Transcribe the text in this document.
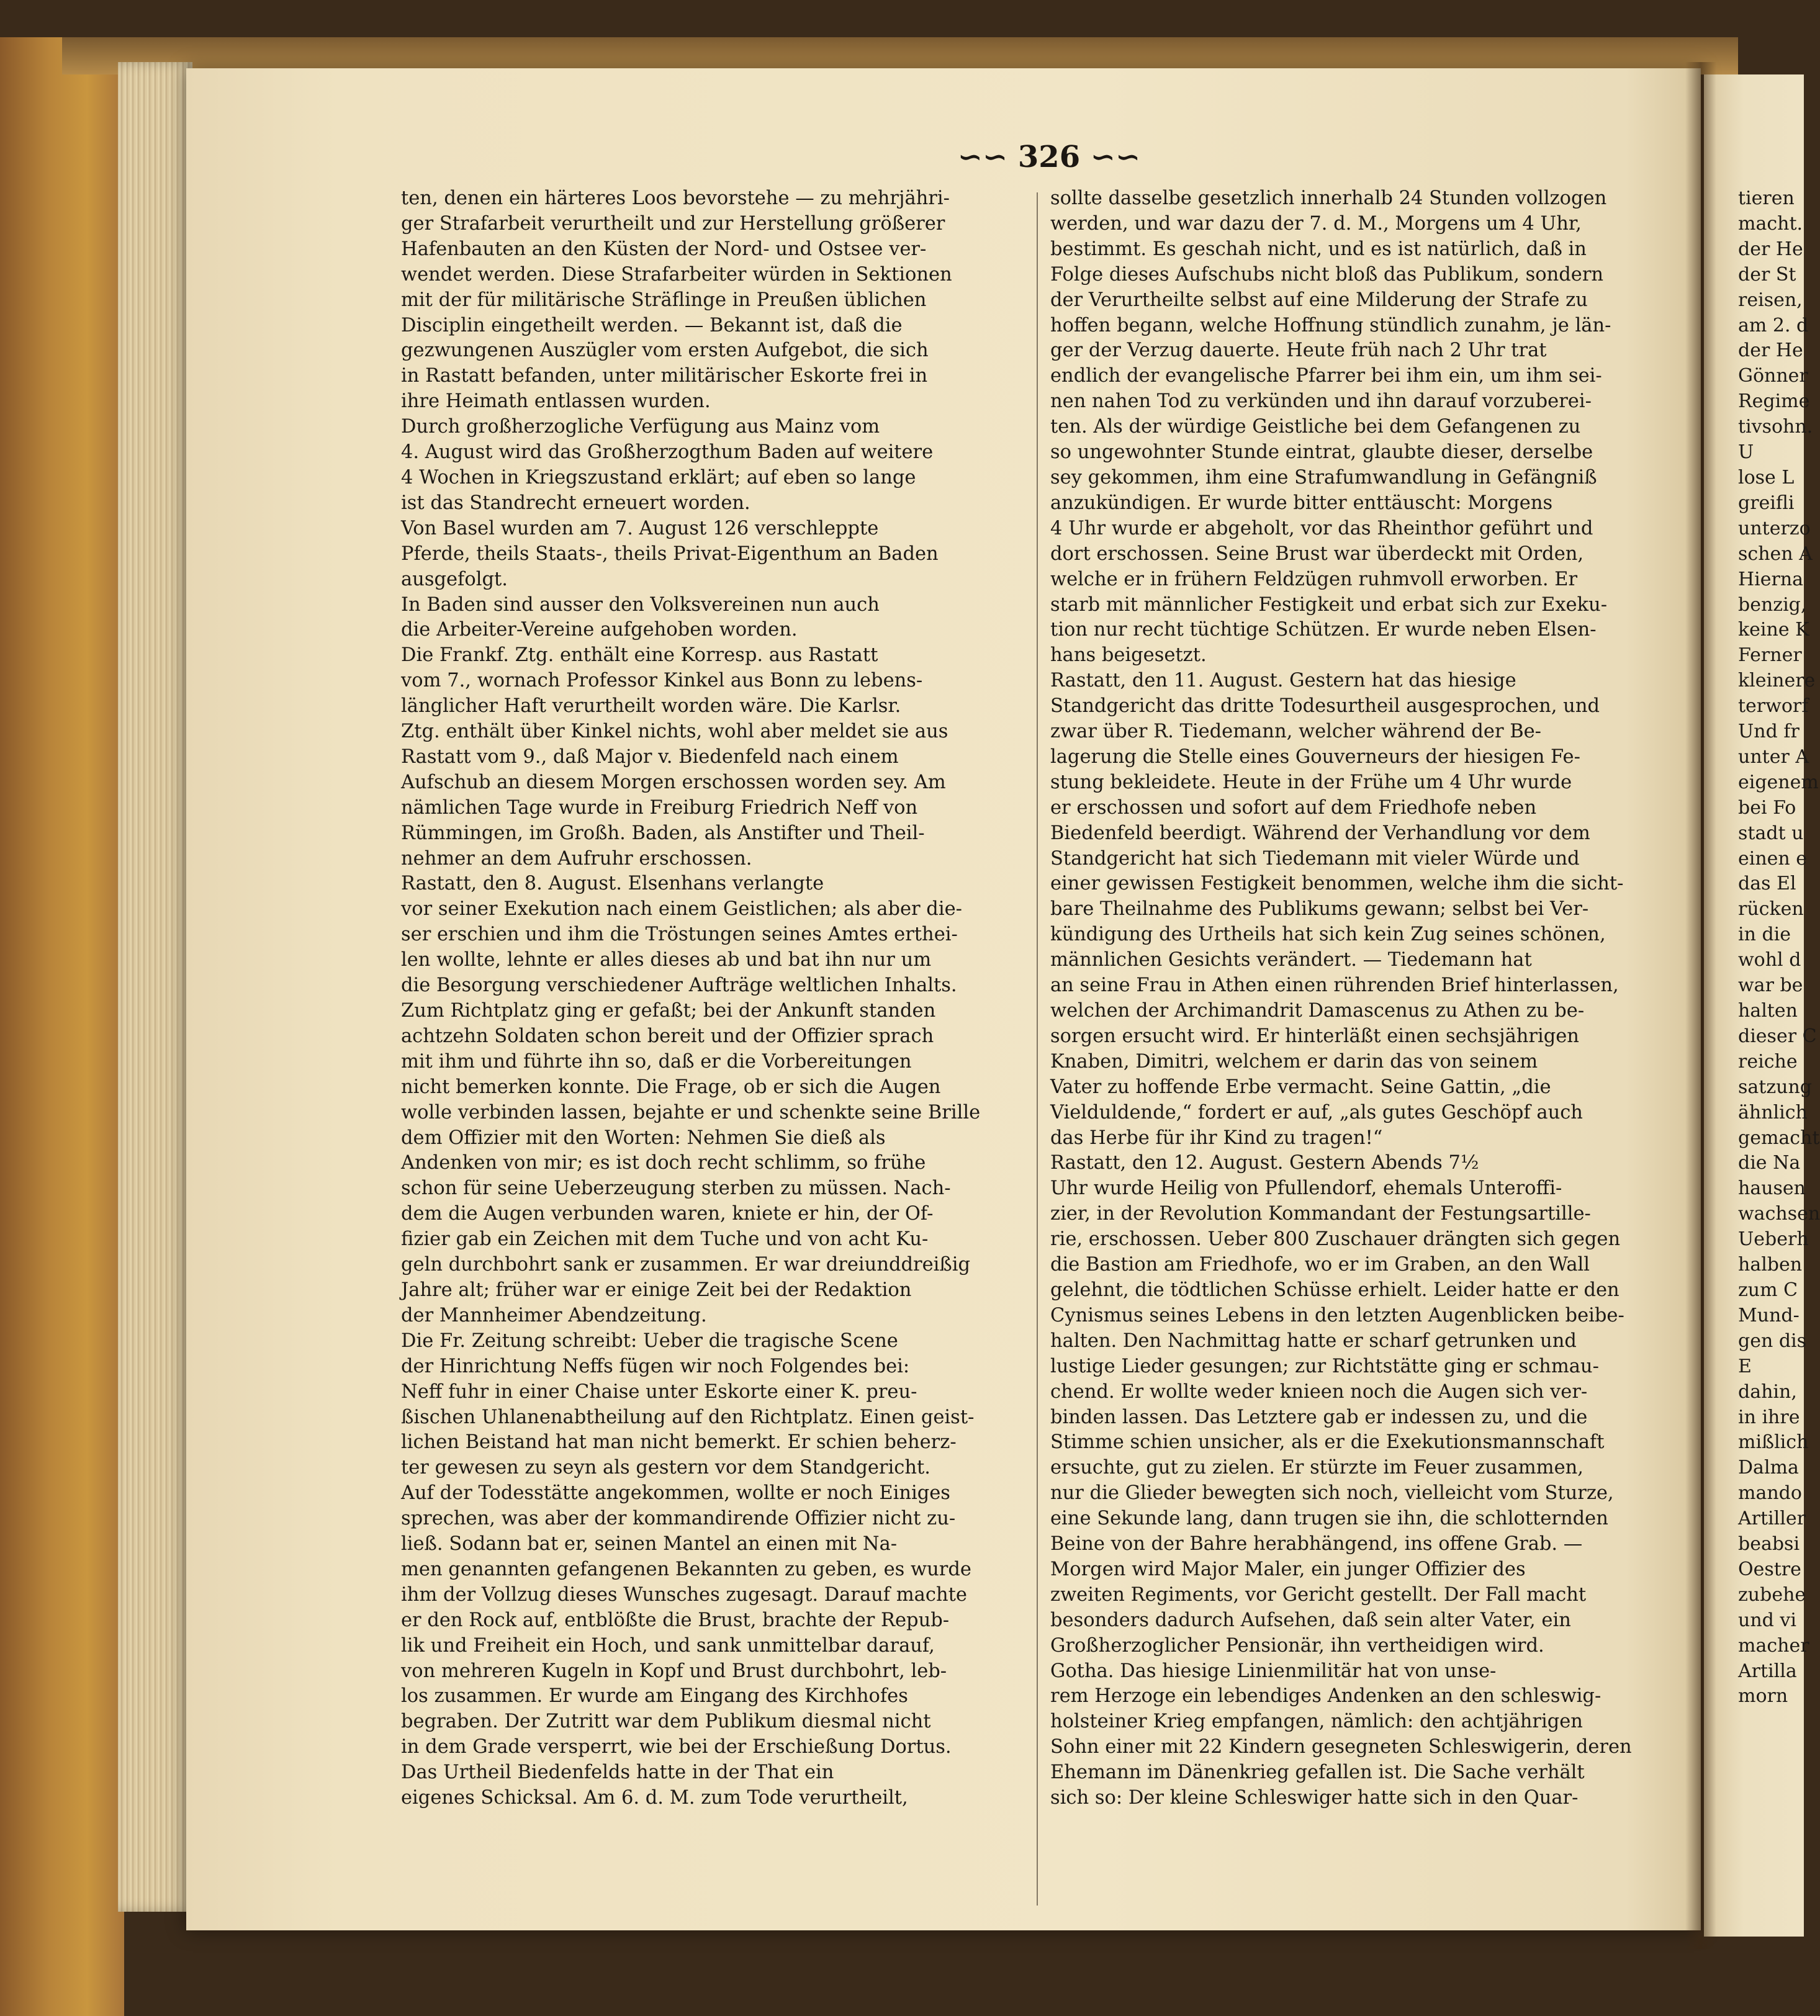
∽∽ 326 ∽∽
ten, denen ein härteres Loos bevorstehe — zu mehrjähri-
ger Strafarbeit verurtheilt und zur Herstellung größerer
Hafenbauten an den Küsten der Nord- und Ostsee ver-
wendet werden. Diese Strafarbeiter würden in Sektionen
mit der für militärische Sträflinge in Preußen üblichen
Disciplin eingetheilt werden. — Bekannt ist, daß die
gezwungenen Auszügler vom ersten Aufgebot, die sich
in Rastatt befanden, unter militärischer Eskorte frei in
ihre Heimath entlassen wurden.
Durch großherzogliche Verfügung aus Mainz vom
4. August wird das Großherzogthum Baden auf weitere
4 Wochen in Kriegszustand erklärt; auf eben so lange
ist das Standrecht erneuert worden.
Von Basel wurden am 7. August 126 verschleppte
Pferde, theils Staats-, theils Privat-Eigenthum an Baden
ausgefolgt.
In Baden sind ausser den Volksvereinen nun auch
die Arbeiter-Vereine aufgehoben worden.
Die Frankf. Ztg. enthält eine Korresp. aus Rastatt
vom 7., wornach Professor Kinkel aus Bonn zu lebens-
länglicher Haft verurtheilt worden wäre. Die Karlsr.
Ztg. enthält über Kinkel nichts, wohl aber meldet sie aus
Rastatt vom 9., daß Major v. Biedenfeld nach einem
Aufschub an diesem Morgen erschossen worden sey. Am
nämlichen Tage wurde in Freiburg Friedrich Neff von
Rümmingen, im Großh. Baden, als Anstifter und Theil-
nehmer an dem Aufruhr erschossen.
Rastatt, den 8. August. Elsenhans verlangte
vor seiner Exekution nach einem Geistlichen; als aber die-
ser erschien und ihm die Tröstungen seines Amtes erthei-
len wollte, lehnte er alles dieses ab und bat ihn nur um
die Besorgung verschiedener Aufträge weltlichen Inhalts.
Zum Richtplatz ging er gefaßt; bei der Ankunft standen
achtzehn Soldaten schon bereit und der Offizier sprach
mit ihm und führte ihn so, daß er die Vorbereitungen
nicht bemerken konnte. Die Frage, ob er sich die Augen
wolle verbinden lassen, bejahte er und schenkte seine Brille
dem Offizier mit den Worten: Nehmen Sie dieß als
Andenken von mir; es ist doch recht schlimm, so frühe
schon für seine Ueberzeugung sterben zu müssen. Nach-
dem die Augen verbunden waren, kniete er hin, der Of-
fizier gab ein Zeichen mit dem Tuche und von acht Ku-
geln durchbohrt sank er zusammen. Er war dreiunddreißig
Jahre alt; früher war er einige Zeit bei der Redaktion
der Mannheimer Abendzeitung.
Die Fr. Zeitung schreibt: Ueber die tragische Scene
der Hinrichtung Neffs fügen wir noch Folgendes bei:
Neff fuhr in einer Chaise unter Eskorte einer K. preu-
ßischen Uhlanenabtheilung auf den Richtplatz. Einen geist-
lichen Beistand hat man nicht bemerkt. Er schien beherz-
ter gewesen zu seyn als gestern vor dem Standgericht.
Auf der Todesstätte angekommen, wollte er noch Einiges
sprechen, was aber der kommandirende Offizier nicht zu-
ließ. Sodann bat er, seinen Mantel an einen mit Na-
men genannten gefangenen Bekannten zu geben, es wurde
ihm der Vollzug dieses Wunsches zugesagt. Darauf machte
er den Rock auf, entblößte die Brust, brachte der Repub-
lik und Freiheit ein Hoch, und sank unmittelbar darauf,
von mehreren Kugeln in Kopf und Brust durchbohrt, leb-
los zusammen. Er wurde am Eingang des Kirchhofes
begraben. Der Zutritt war dem Publikum diesmal nicht
in dem Grade versperrt, wie bei der Erschießung Dortus.
Das Urtheil Biedenfelds hatte in der That ein
eigenes Schicksal. Am 6. d. M. zum Tode verurtheilt,
sollte dasselbe gesetzlich innerhalb 24 Stunden vollzogen
werden, und war dazu der 7. d. M., Morgens um 4 Uhr,
bestimmt. Es geschah nicht, und es ist natürlich, daß in
Folge dieses Aufschubs nicht bloß das Publikum, sondern
der Verurtheilte selbst auf eine Milderung der Strafe zu
hoffen begann, welche Hoffnung stündlich zunahm, je län-
ger der Verzug dauerte. Heute früh nach 2 Uhr trat
endlich der evangelische Pfarrer bei ihm ein, um ihm sei-
nen nahen Tod zu verkünden und ihn darauf vorzuberei-
ten. Als der würdige Geistliche bei dem Gefangenen zu
so ungewohnter Stunde eintrat, glaubte dieser, derselbe
sey gekommen, ihm eine Strafumwandlung in Gefängniß
anzukündigen. Er wurde bitter enttäuscht: Morgens
4 Uhr wurde er abgeholt, vor das Rheinthor geführt und
dort erschossen. Seine Brust war überdeckt mit Orden,
welche er in frühern Feldzügen ruhmvoll erworben. Er
starb mit männlicher Festigkeit und erbat sich zur Exeku-
tion nur recht tüchtige Schützen. Er wurde neben Elsen-
hans beigesetzt.
Rastatt, den 11. August. Gestern hat das hiesige
Standgericht das dritte Todesurtheil ausgesprochen, und
zwar über R. Tiedemann, welcher während der Be-
lagerung die Stelle eines Gouverneurs der hiesigen Fe-
stung bekleidete. Heute in der Frühe um 4 Uhr wurde
er erschossen und sofort auf dem Friedhofe neben
Biedenfeld beerdigt. Während der Verhandlung vor dem
Standgericht hat sich Tiedemann mit vieler Würde und
einer gewissen Festigkeit benommen, welche ihm die sicht-
bare Theilnahme des Publikums gewann; selbst bei Ver-
kündigung des Urtheils hat sich kein Zug seines schönen,
männlichen Gesichts verändert. — Tiedemann hat
an seine Frau in Athen einen rührenden Brief hinterlassen,
welchen der Archimandrit Damascenus zu Athen zu be-
sorgen ersucht wird. Er hinterläßt einen sechsjährigen
Knaben, Dimitri, welchem er darin das von seinem
Vater zu hoffende Erbe vermacht. Seine Gattin, „die
Vielduldende,“ fordert er auf, „als gutes Geschöpf auch
das Herbe für ihr Kind zu tragen!“
Rastatt, den 12. August. Gestern Abends 7½
Uhr wurde Heilig von Pfullendorf, ehemals Unteroffi-
zier, in der Revolution Kommandant der Festungsartille-
rie, erschossen. Ueber 800 Zuschauer drängten sich gegen
die Bastion am Friedhofe, wo er im Graben, an den Wall
gelehnt, die tödtlichen Schüsse erhielt. Leider hatte er den
Cynismus seines Lebens in den letzten Augenblicken beibe-
halten. Den Nachmittag hatte er scharf getrunken und
lustige Lieder gesungen; zur Richtstätte ging er schmau-
chend. Er wollte weder knieen noch die Augen sich ver-
binden lassen. Das Letztere gab er indessen zu, und die
Stimme schien unsicher, als er die Exekutionsmannschaft
ersuchte, gut zu zielen. Er stürzte im Feuer zusammen,
nur die Glieder bewegten sich noch, vielleicht vom Sturze,
eine Sekunde lang, dann trugen sie ihn, die schlotternden
Beine von der Bahre herabhängend, ins offene Grab. —
Morgen wird Major Maler, ein junger Offizier des
zweiten Regiments, vor Gericht gestellt. Der Fall macht
besonders dadurch Aufsehen, daß sein alter Vater, ein
Großherzoglicher Pensionär, ihn vertheidigen wird.
Gotha. Das hiesige Linienmilitär hat von unse-
rem Herzoge ein lebendiges Andenken an den schleswig-
holsteiner Krieg empfangen, nämlich: den achtjährigen
Sohn einer mit 22 Kindern gesegneten Schleswigerin, deren
Ehemann im Dänenkrieg gefallen ist. Die Sache verhält
sich so: Der kleine Schleswiger hatte sich in den Quar-
tieren
macht.
der He
der St
reisen,
am 2. d
der He
Gönner
Regime
tivsohn.
U
lose L
greifli
unterzo
schen A
Hierna
benzig,
keine K
Ferner
kleinere
terworf
Und fr
unter A
eigenem
bei Fo
stadt u
einen e
das El
rücken
in die
wohl d
war be
halten
dieser C
reiche
satzung
ähnlich
gemacht
die Na
hausen
wachsen
Ueberh
halben
zum C
Mund-
gen dis
E
dahin,
in ihre
mißlich
Dalma
mando
Artiller
beabsi
Oestre
zubehe
und vi
macher
Artilla
morn
